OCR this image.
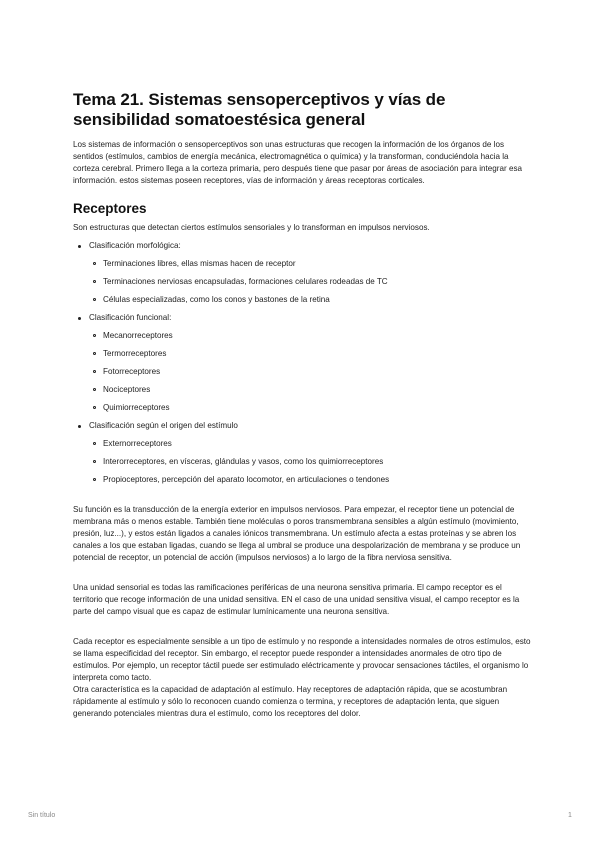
Tema 21. Sistemas sensoperceptivos y vías de sensibilidad somatoestésica general

Los sistemas de información o sensoperceptivos son unas estructuras que recogen la información de los órganos de los sentidos (estímulos, cambios de energía mecánica, electromagnética o química) y la transforman, conduciéndola hacia la corteza cerebral. Primero llega a la corteza primaria, pero después tiene que pasar por áreas de asociación para integrar esa información. estos sistemas poseen receptores, vías de información y áreas receptoras corticales.

Receptores

Son estructuras que detectan ciertos estímulos sensoriales y lo transforman en impulsos nerviosos.

Clasificación morfológica:
Terminaciones libres, ellas mismas hacen de receptor
Terminaciones nerviosas encapsuladas, formaciones celulares rodeadas de TC
Células especializadas, como los conos y bastones de la retina
Clasificación funcional:
Mecanorreceptores
Termorreceptores
Fotorreceptores
Nociceptores
Quimiorreceptores
Clasificación según el origen del estímulo
Externorreceptores
Interorreceptores, en vísceras, glándulas y vasos, como los quimiorreceptores
Propioceptores, percepción del aparato locomotor, en articulaciones o tendones

Su función es la transducción de la energía exterior en impulsos nerviosos. Para empezar, el receptor tiene un potencial de membrana más o menos estable. También tiene moléculas o poros transmembrana sensibles a algún estímulo (movimiento, presión, luz...), y estos están ligados a canales iónicos transmembrana. Un estímulo afecta a estas proteínas y se abren los canales a los que estaban ligadas, cuando se llega al umbral se produce una despolarización de membrana y se produce un potencial de receptor, un potencial de acción (impulsos nerviosos) a lo largo de la fibra nerviosa sensitiva.

Una unidad sensorial es todas las ramificaciones periféricas de una neurona sensitiva primaria. El campo receptor es el territorio que recoge información de una unidad sensitiva. EN el caso de una unidad sensitiva visual, el campo receptor es la parte del campo visual que es capaz de estimular lumínicamente una neurona sensitiva.

Cada receptor es especialmente sensible a un tipo de estímulo y no responde a intensidades normales de otros estímulos, esto se llama especificidad del receptor. Sin embargo, el receptor puede responder a intensidades anormales de otro tipo de estímulos. Por ejemplo, un receptor táctil puede ser estimulado eléctricamente y provocar sensaciones táctiles, el organismo lo interpreta como tacto.

Otra característica es la capacidad de adaptación al estímulo. Hay receptores de adaptación rápida, que se acostumbran rápidamente al estímulo y sólo lo reconocen cuando comienza o termina, y receptores de adaptación lenta, que siguen generando potenciales mientras dura el estímulo, como los receptores del dolor.

Sin título	1
